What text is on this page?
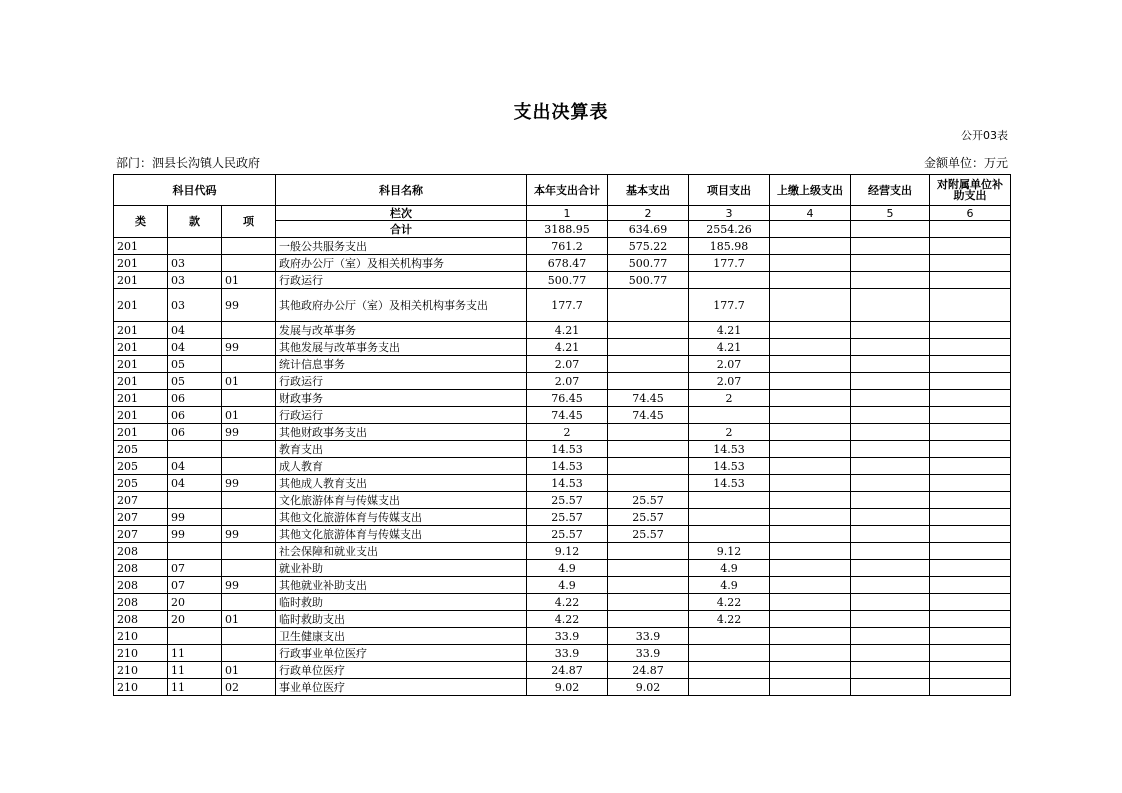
支出决算表
公开03表
部门：泗县长沟镇人民政府	金额单位：万元
科目代码			科目名称	本年支出合计	基本支出	项目支出	上缴上级支出	经营支出	对附属单位补助支出
类	款	项	栏次	1	2	3	4	5	6
			合计	3188.95	634.69	2554.26			
201			一般公共服务支出	761.2	575.22	185.98			
201	03		政府办公厅（室）及相关机构事务	678.47	500.77	177.7			
201	03	01	行政运行	500.77	500.77				
201	03	99	其他政府办公厅（室）及相关机构事务支出	177.7		177.7			
201	04		发展与改革事务	4.21		4.21			
201	04	99	其他发展与改革事务支出	4.21		4.21			
201	05		统计信息事务	2.07		2.07			
201	05	01	行政运行	2.07		2.07			
201	06		财政事务	76.45	74.45	2			
201	06	01	行政运行	74.45	74.45				
201	06	99	其他财政事务支出	2		2			
205			教育支出	14.53		14.53			
205	04		成人教育	14.53		14.53			
205	04	99	其他成人教育支出	14.53		14.53			
207			文化旅游体育与传媒支出	25.57	25.57				
207	99		其他文化旅游体育与传媒支出	25.57	25.57				
207	99	99	其他文化旅游体育与传媒支出	25.57	25.57				
208			社会保障和就业支出	9.12		9.12			
208	07		就业补助	4.9		4.9			
208	07	99	其他就业补助支出	4.9		4.9			
208	20		临时救助	4.22		4.22			
208	20	01	临时救助支出	4.22		4.22			
210			卫生健康支出	33.9	33.9				
210	11		行政事业单位医疗	33.9	33.9				
210	11	01	行政单位医疗	24.87	24.87				
210	11	02	事业单位医疗	9.02	9.02				
